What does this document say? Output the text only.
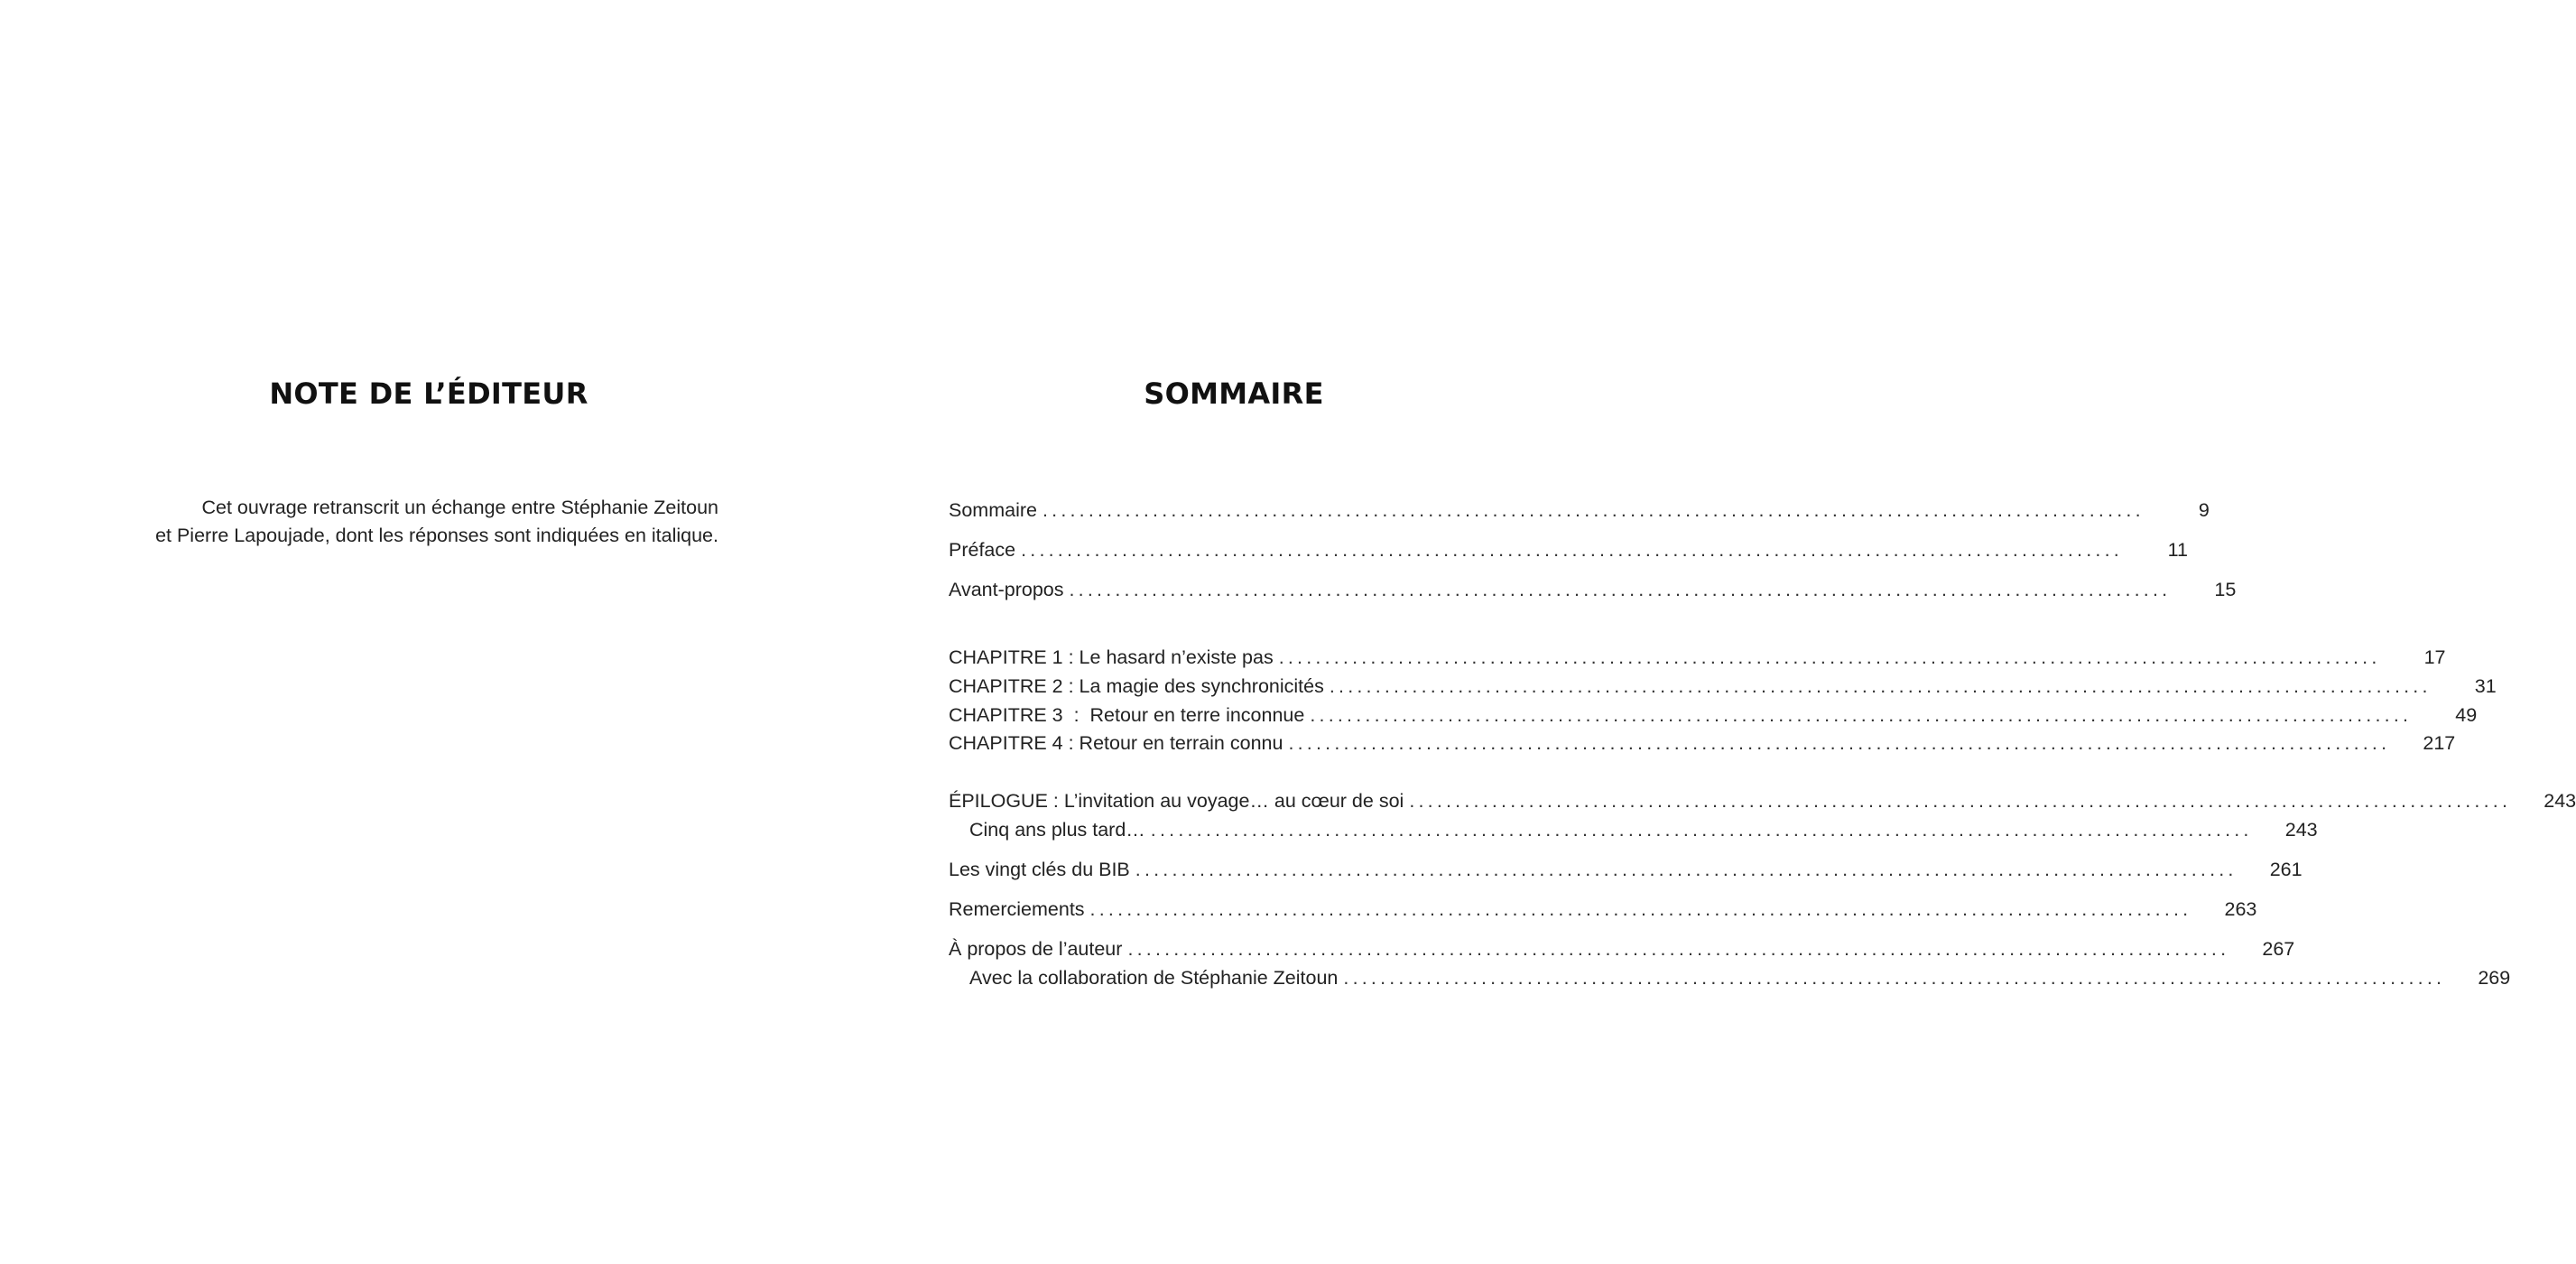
NOTE DE L’ÉDITEUR
Cet ouvrage retranscrit un échange entre Stéphanie Zeitoun
et Pierre Lapoujade, dont les réponses sont indiquées en italique.
SOMMAIRE
Sommaire ........................................................................................................................	9
Préface ........................................................................................................................	11
Avant-propos ........................................................................................................................	15
CHAPITRE 1 : Le hasard n’existe pas ........................................................................................................................	17
CHAPITRE 2 : La magie des synchronicités ........................................................................................................................	31
CHAPITRE 3  :  Retour en terre inconnue ........................................................................................................................	49
CHAPITRE 4 : Retour en terrain connu ........................................................................................................................ 217
ÉPILOGUE : L’invitation au voyage… au cœur de soi ........................................................................................................................ 243
Cinq ans plus tard… ........................................................................................................................ 243
Les vingt clés du BIB ........................................................................................................................ 261
Remerciements ........................................................................................................................ 263
À propos de l’auteur ........................................................................................................................ 267
Avec la collaboration de Stéphanie Zeitoun ........................................................................................................................ 269
